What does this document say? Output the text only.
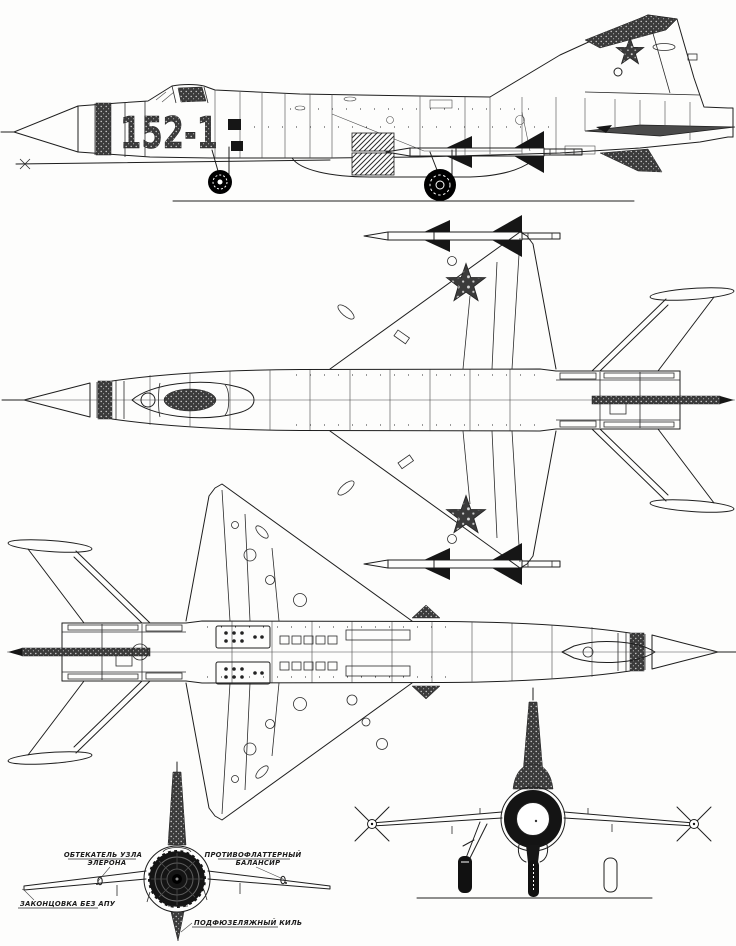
152-1
ОБТЕКАТЕЛЬ УЗЛА
ЭЛЕРОНА
ПРОТИВОФЛАТТЕРНЫЙ
БАЛАНСИР
ЗАКОНЦОВКА БЕЗ АПУ
ПОДФЮЗЕЛЯЖНЫЙ КИЛЬ
